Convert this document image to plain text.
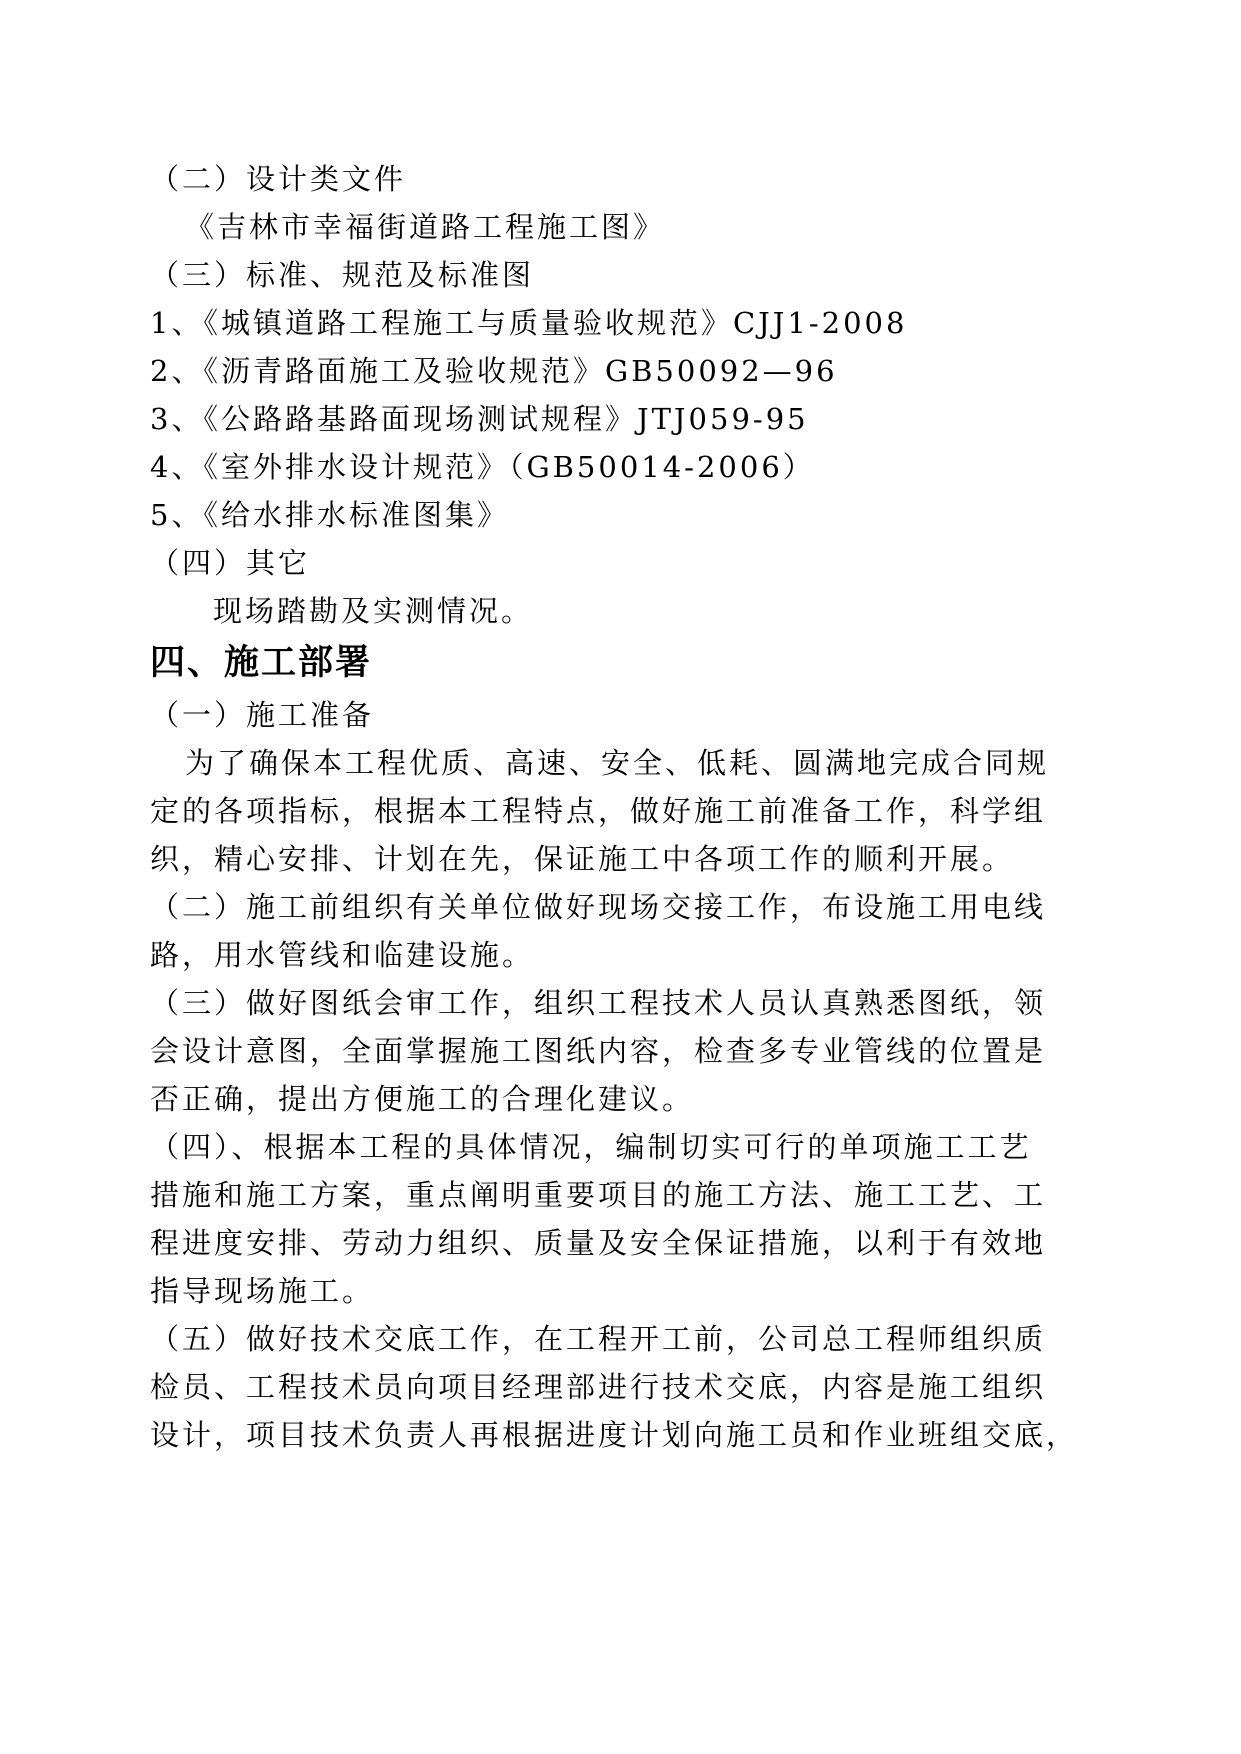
（二）设计类文件
《吉林市幸福街道路工程施工图》
（三）标准、规范及标准图
1、《城镇道路工程施工与质量验收规范》CJJ1-2008
2、《沥青路面施工及验收规范》GB50092—96
3、《公路路基路面现场测试规程》JTJ059-95
4、《室外排水设计规范》（GB50014-2006）
5、《给水排水标准图集》
（四）其它
现场踏勘及实测情况。
四、施工部署
（一）施工准备
为了确保本工程优质、高速、安全、低耗、圆满地完成合同规
定的各项指标，根据本工程特点，做好施工前准备工作，科学组
织，精心安排、计划在先，保证施工中各项工作的顺利开展。
（二）施工前组织有关单位做好现场交接工作，布设施工用电线
路，用水管线和临建设施。
（三）做好图纸会审工作，组织工程技术人员认真熟悉图纸，领
会设计意图，全面掌握施工图纸内容，检查多专业管线的位置是
否正确，提出方便施工的合理化建议。
（四）、根据本工程的具体情况，编制切实可行的单项施工工艺
措施和施工方案，重点阐明重要项目的施工方法、施工工艺、工
程进度安排、劳动力组织、质量及安全保证措施，以利于有效地
指导现场施工。
（五）做好技术交底工作，在工程开工前，公司总工程师组织质
检员、工程技术员向项目经理部进行技术交底，内容是施工组织
设计，项目技术负责人再根据进度计划向施工员和作业班组交底，
